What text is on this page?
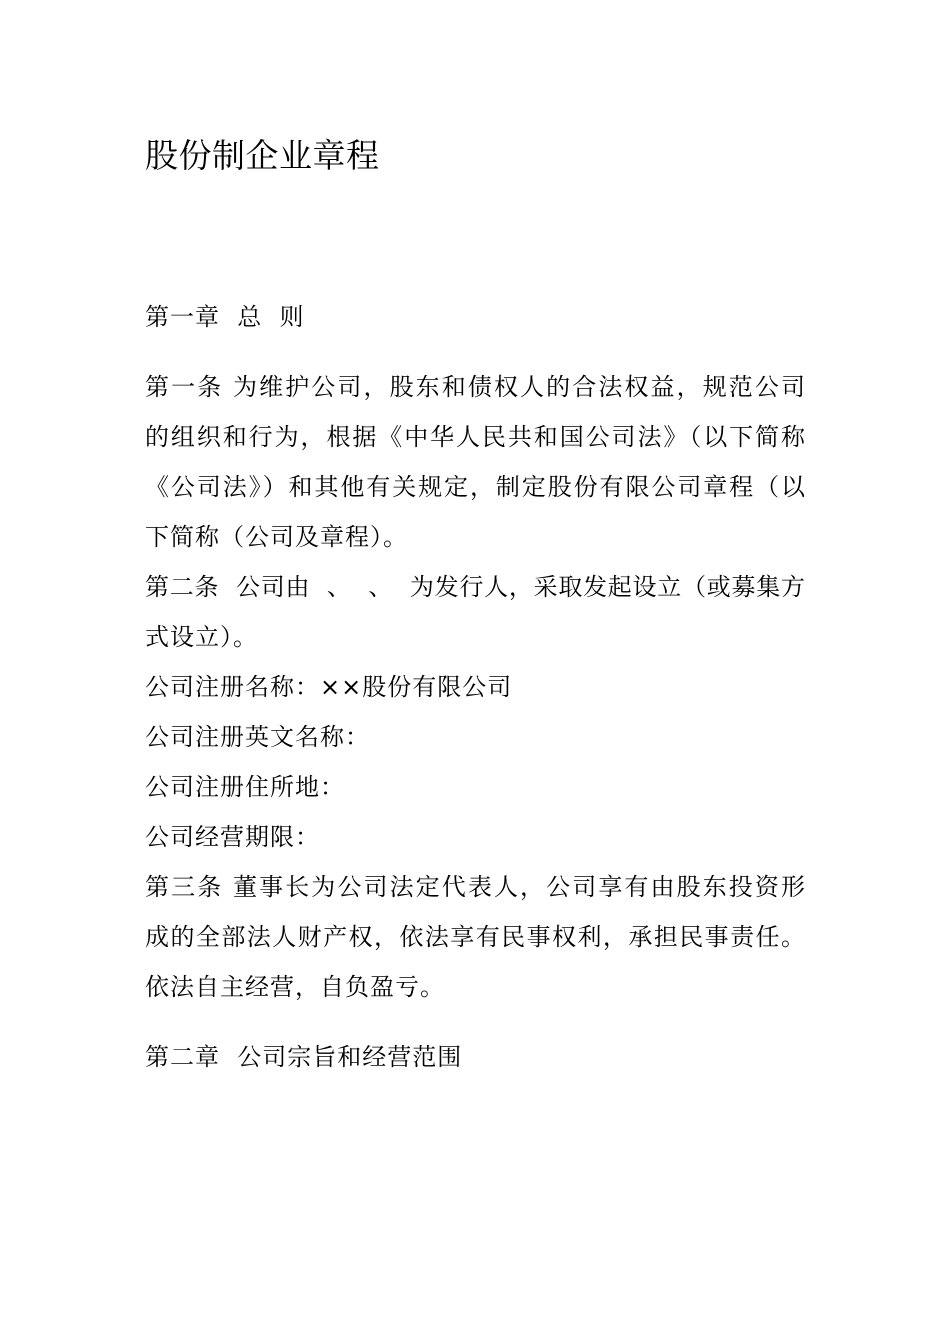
股份制企业章程

第一章  总  则

第一条 为维护公司，股东和债权人的合法权益，规范公司

的组织和行为，根据《中华人民共和国公司法》（以下简称

《公司法》）和其他有关规定，制定股份有限公司章程（以

下简称（公司及章程）。

第二条  公司由  、  、  为发行人，采取发起设立（或募集方

式设立）。

公司注册名称：××股份有限公司

公司注册英文名称：

公司注册住所地：

公司经营期限：

第三条 董事长为公司法定代表人，公司享有由股东投资形

成的全部法人财产权，依法享有民事权利，承担民事责任。

依法自主经营，自负盈亏。

第二章  公司宗旨和经营范围
